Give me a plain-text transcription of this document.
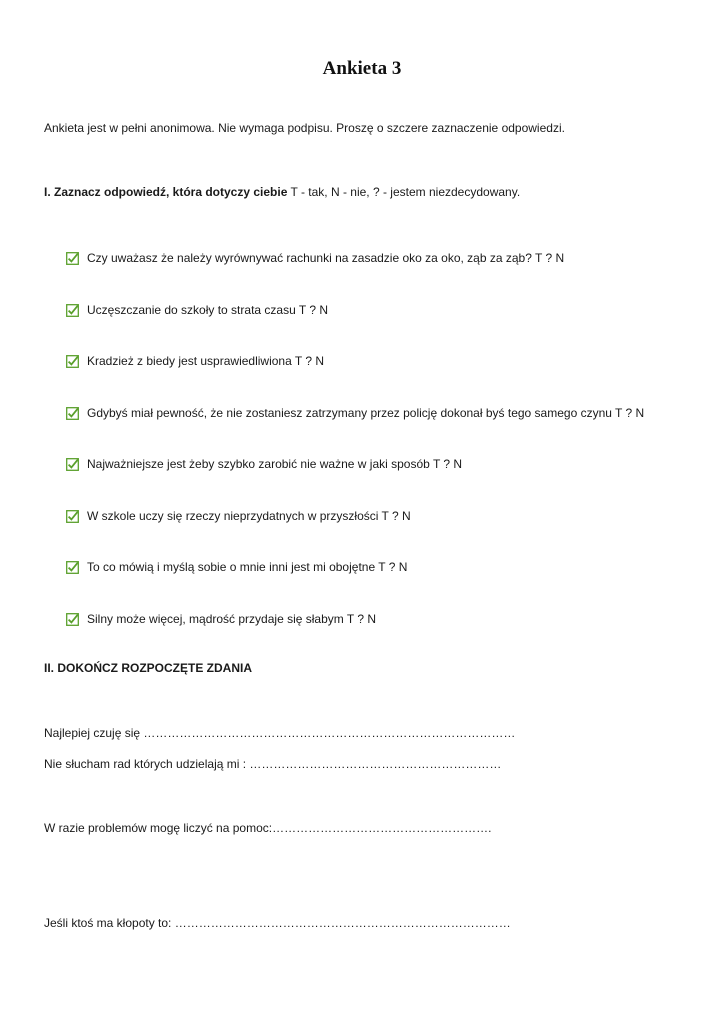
Ankieta 3
Ankieta jest w pełni anonimowa. Nie wymaga podpisu. Proszę o szczere zaznaczenie odpowiedzi.
I. Zaznacz odpowiedź, która dotyczy ciebie T - tak, N - nie, ? - jestem niezdecydowany.
Czy uważasz że należy wyrównywać rachunki na zasadzie oko za oko, ząb za ząb? T ? N
Uczęszczanie do szkoły to strata czasu T ? N
Kradzież z biedy jest usprawiedliwiona T ? N
Gdybyś miał pewność, że nie zostaniesz zatrzymany przez policję dokonał byś tego samego czynu T ? N
Najważniejsze jest żeby szybko zarobić nie ważne w jaki sposób T ? N
W szkole uczy się rzeczy nieprzydatnych w przyszłości T ? N
To co mówią i myślą sobie o mnie inni jest mi obojętne T ? N
Silny może więcej, mądrość przydaje się słabym T ? N
II. DOKOŃCZ ROZPOCZĘTE ZDANIA
Najlepiej czuję się …………………………………………………………………………………
Nie słucham rad których udzielają mi : ………………………………………………………
W razie problemów mogę liczyć na pomoc:……………………………………………….
Jeśli ktoś ma kłopoty to: …………………………………………………………………………
